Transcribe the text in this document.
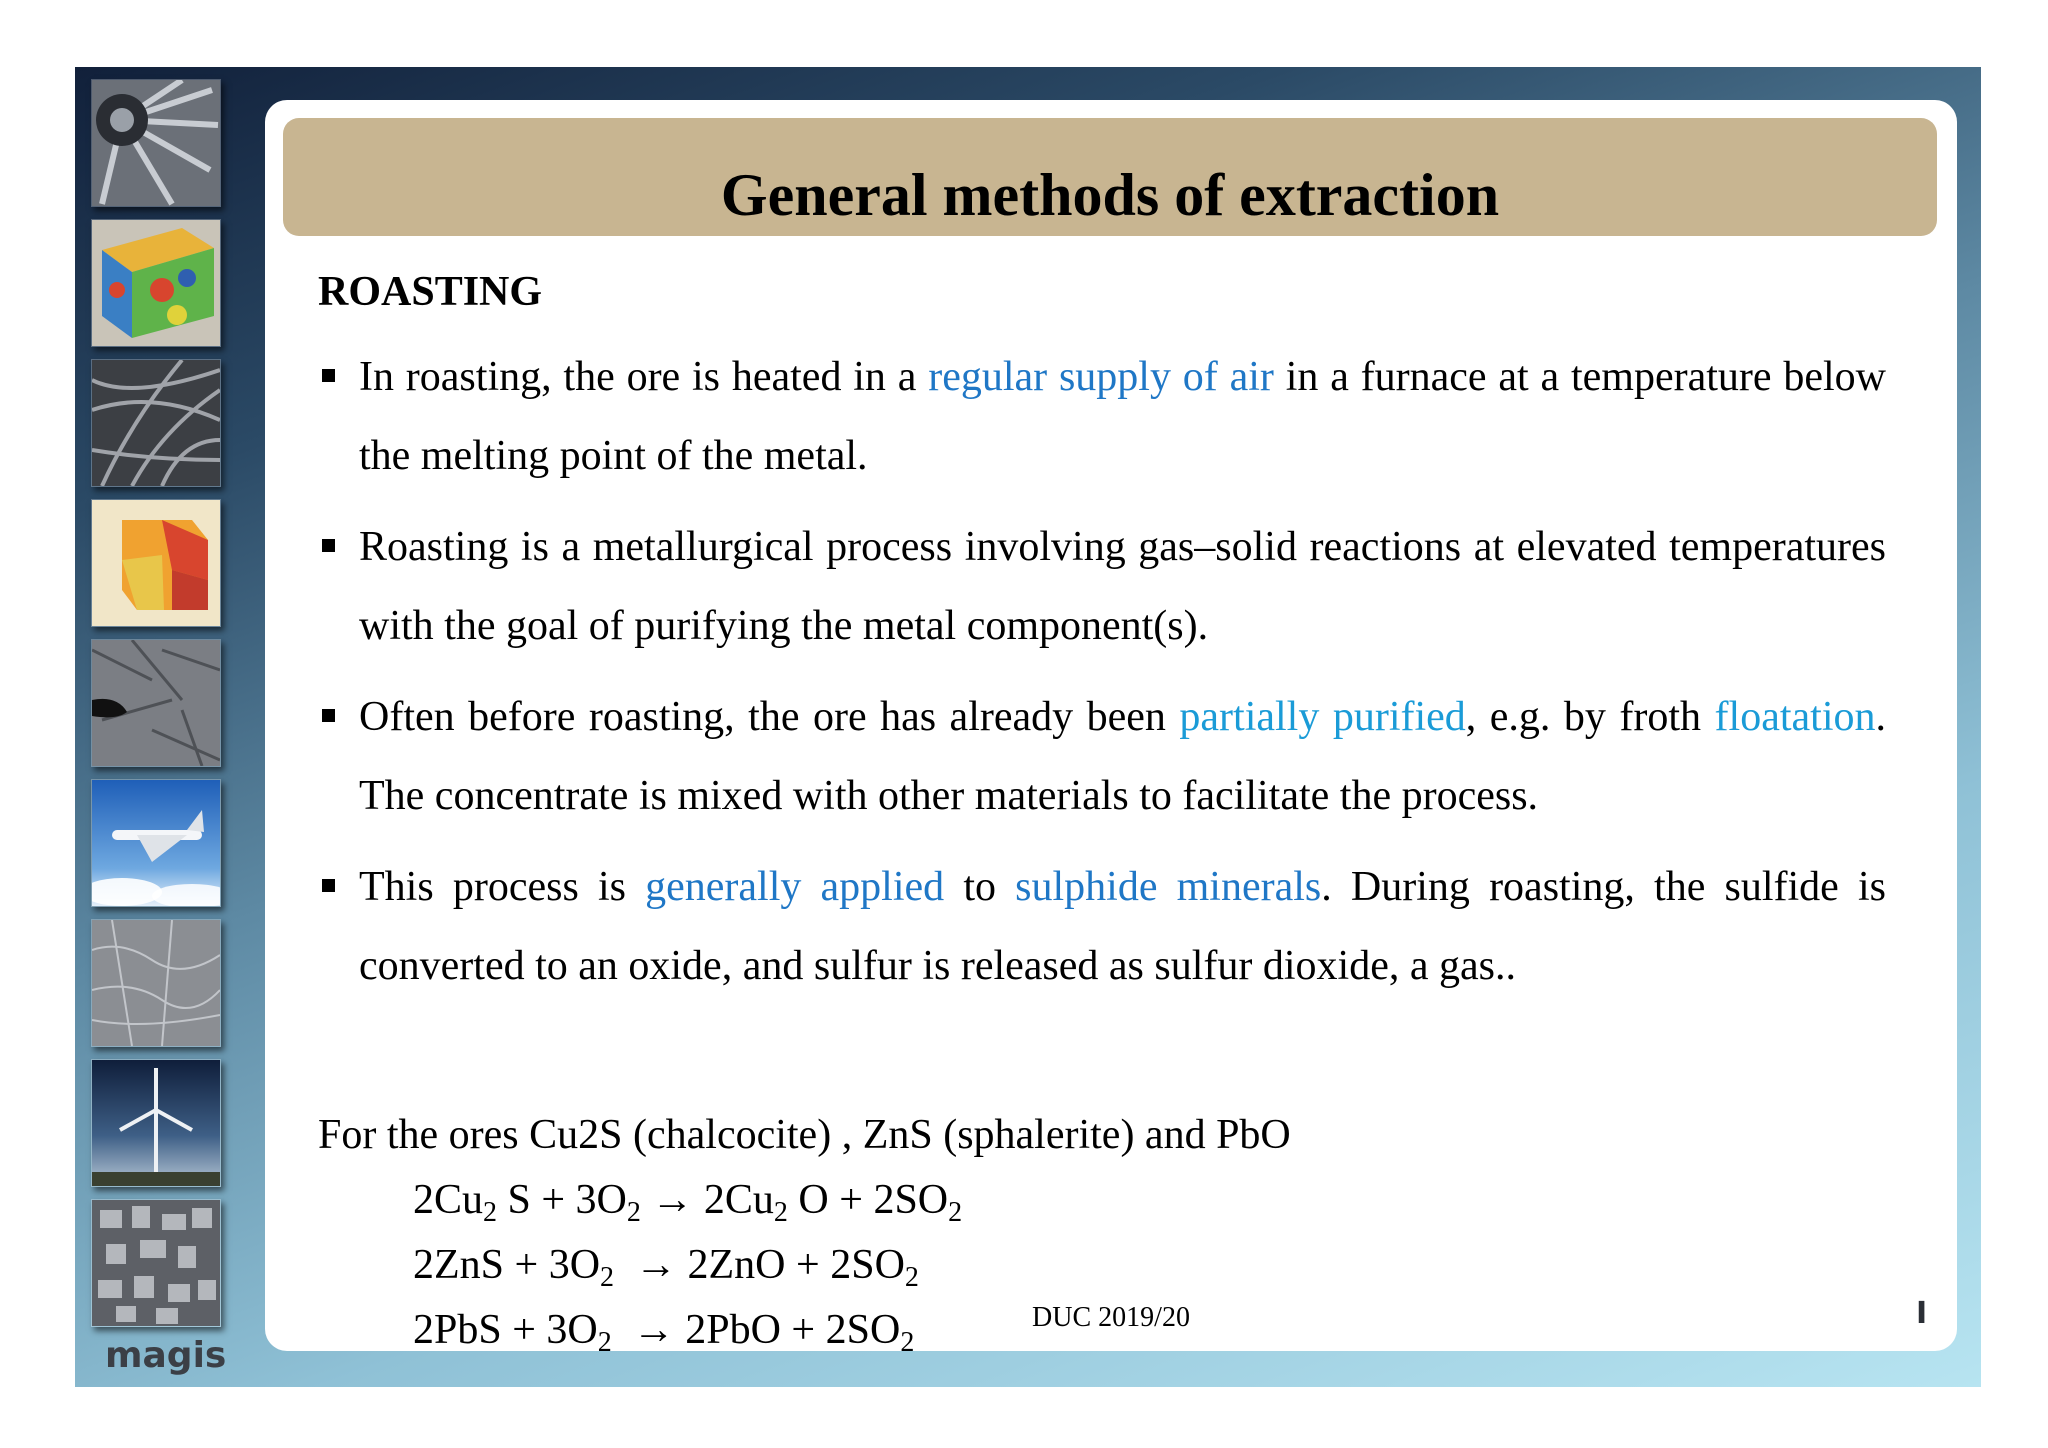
magis
General methods of extraction
ROASTING
In roasting, the ore is heated in a regular supply of air in a furnace at a temperature below the melting point of the metal.
Roasting is a metallurgical process involving gas–solid reactions at elevated temperatures with the goal of purifying the metal component(s).
Often before roasting, the ore has already been partially purified, e.g. by froth floatation. The concentrate is mixed with other materials to facilitate the process.
This process is generally applied to sulphide minerals. During roasting, the sulfide is converted to an oxide, and sulfur is released as sulfur dioxide, a gas..
For the ores Cu2S (chalcocite) , ZnS (sphalerite) and PbO
$2Cu_2$ $S + 3O_2 \to 2Cu_2$ $O + 2SO_2$
$2ZnS + 3O_2 \to 2ZnO + 2SO_2$
$2PbS + 3O_2 \to 2PbO + 2SO_2$
DUC 2019/20	I
